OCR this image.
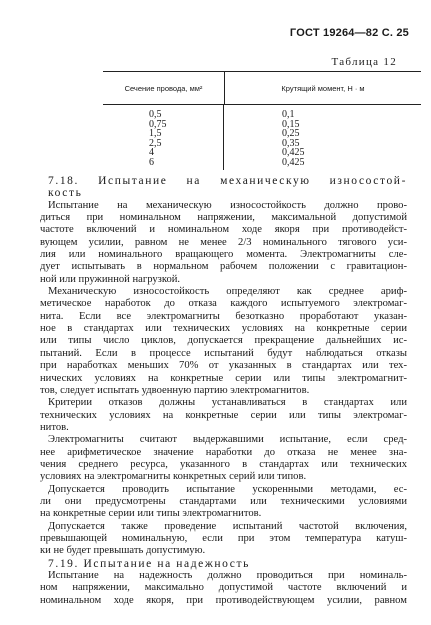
ГОСТ 19264—82 С. 25
Таблица 12
Сечение провода, мм²	Крутящий момент, Н · м
0,5
0,75
1,5
2,5
4
6
0,1
0,15
0,25
0,35
0,425
0,425

7.18. Испытание на механическую износостой-

кость

Испытание на механическую износостойкость должно прово-

диться при номинальном напряжении, максимальной допустимой

частоте включений и номинальном ходе якоря при противодейст-

вующем усилии, равном не менее 2/3 номинального тягового уси-

лия или номинального вращающего момента. Электромагниты сле-

дует испытывать в нормальном рабочем положении с гравитацион-

ной или пружинной нагрузкой.

Механическую износостойкость определяют как среднее ариф-

метическое наработок до отказа каждого испытуемого электромаг-

нита. Если все электромагниты безотказно проработают указан-

ное в стандартах или технических условиях на конкретные серии

или типы число циклов, допускается прекращение дальнейших ис-

пытаний. Если в процессе испытаний будут наблюдаться отказы

при наработках меньших 70% от указанных в стандартах или тех-

нических условиях на конкретные серии или типы электромагнит-

тов, следует испытать удвоенную партию электромагнитов.

Критерии отказов должны устанавливаться в стандартах или

технических условиях на конкретные серии или типы электромаг-

нитов.

Электромагниты считают выдержавшими испытание, если сред-

нее арифметическое значение наработки до отказа не менее зна-

чения среднего ресурса, указанного в стандартах или технических

условиях на электромагниты конкретных серий или типов.

Допускается проводить испытание ускоренными методами, ес-

ли они предусмотрены стандартами или техническими условиями

на конкретные серии или типы электромагнитов.

Допускается также проведение испытаний частотой включения,

превышающей номинальную, если при этом температура катуш-

ки не будет превышать допустимую.

7.19. Испытание на надежность

Испытание на надежность должно проводиться при номиналь-

ном напряжении, максимально допустимой частоте включений и

номинальном ходе якоря, при противодействующем усилии, равном
